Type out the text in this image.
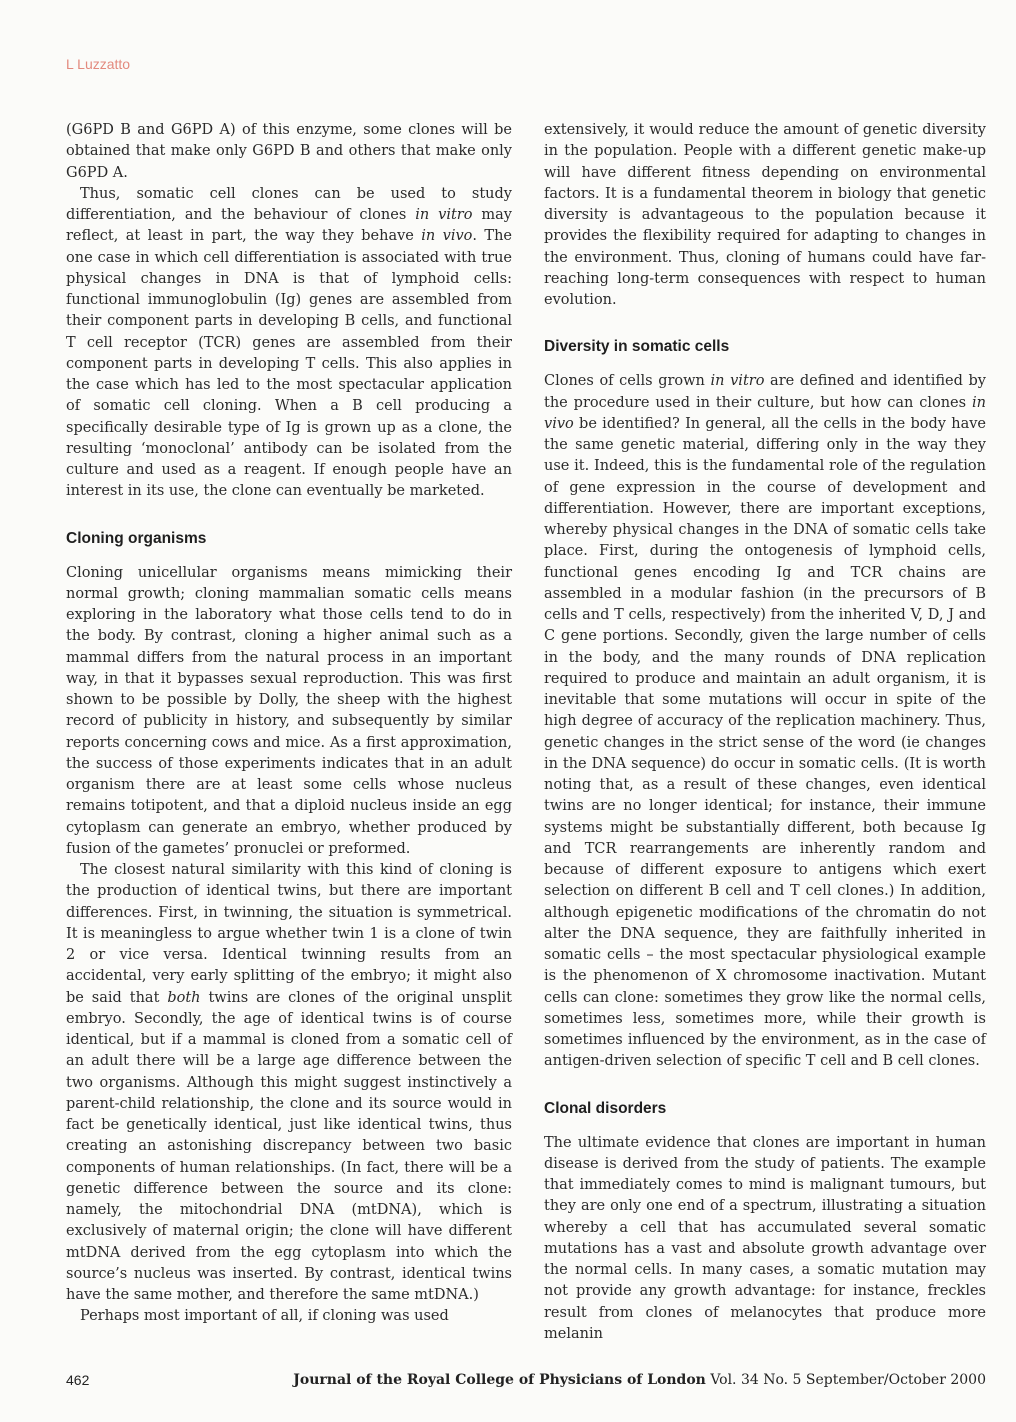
L Luzzatto

(G6PD B and G6PD A) of this enzyme, some clones will be obtained that make only G6PD B and others that make only G6PD A.

Thus, somatic cell clones can be used to study differentiation, and the behaviour of clones in vitro may reflect, at least in part, the way they behave in vivo. The one case in which cell differentiation is associated with true physical changes in DNA is that of lymphoid cells: functional immunoglobulin (Ig) genes are assembled from their component parts in developing B cells, and functional T cell receptor (TCR) genes are assembled from their component parts in developing T cells. This also applies in the case which has led to the most spectacular application of somatic cell cloning. When a B cell producing a specifically desirable type of Ig is grown up as a clone, the resulting ‘monoclonal’ antibody can be isolated from the culture and used as a reagent. If enough people have an interest in its use, the clone can eventually be marketed.

Cloning organisms

Cloning unicellular organisms means mimicking their normal growth; cloning mammalian somatic cells means exploring in the laboratory what those cells tend to do in the body. By contrast, cloning a higher animal such as a mammal differs from the natural process in an important way, in that it bypasses sexual reproduction. This was first shown to be possible by Dolly, the sheep with the highest record of publicity in history, and subsequently by similar reports concerning cows and mice. As a first approximation, the success of those experiments indicates that in an adult organism there are at least some cells whose nucleus remains totipotent, and that a diploid nucleus inside an egg cytoplasm can generate an embryo, whether produced by fusion of the gametes’ pronuclei or preformed.

The closest natural similarity with this kind of cloning is the production of identical twins, but there are important differences. First, in twinning, the situation is symmetrical. It is meaningless to argue whether twin 1 is a clone of twin 2 or vice versa. Identical twinning results from an accidental, very early splitting of the embryo; it might also be said that both twins are clones of the original unsplit embryo. Secondly, the age of identical twins is of course identical, but if a mammal is cloned from a somatic cell of an adult there will be a large age difference between the two organisms. Although this might suggest instinctively a parent-child relationship, the clone and its source would in fact be genetically identical, just like identical twins, thus creating an astonishing discrepancy between two basic components of human relationships. (In fact, there will be a genetic difference between the source and its clone: namely, the mitochondrial DNA (mtDNA), which is exclusively of maternal origin; the clone will have different mtDNA derived from the egg cytoplasm into which the source’s nucleus was inserted. By contrast, identical twins have the same mother, and therefore the same mtDNA.)

Perhaps most important of all, if cloning was used

extensively, it would reduce the amount of genetic diversity in the population. People with a different genetic make-up will have different fitness depending on environmental factors. It is a fundamental theorem in biology that genetic diversity is advantageous to the population because it provides the flexibility required for adapting to changes in the environment. Thus, cloning of humans could have far-reaching long-term consequences with respect to human evolution.

Diversity in somatic cells

Clones of cells grown in vitro are defined and identified by the procedure used in their culture, but how can clones in vivo be identified? In general, all the cells in the body have the same genetic material, differing only in the way they use it. Indeed, this is the fundamental role of the regulation of gene expression in the course of development and differentiation. However, there are important exceptions, whereby physical changes in the DNA of somatic cells take place. First, during the ontogenesis of lymphoid cells, functional genes encoding Ig and TCR chains are assembled in a modular fashion (in the precursors of B cells and T cells, respectively) from the inherited V, D, J and C gene portions. Secondly, given the large number of cells in the body, and the many rounds of DNA replication required to produce and maintain an adult organism, it is inevitable that some mutations will occur in spite of the high degree of accuracy of the replication machinery. Thus, genetic changes in the strict sense of the word (ie changes in the DNA sequence) do occur in somatic cells. (It is worth noting that, as a result of these changes, even identical twins are no longer identical; for instance, their immune systems might be substantially different, both because Ig and TCR rearrangements are inherently random and because of different exposure to antigens which exert selection on different B cell and T cell clones.) In addition, although epigenetic modifications of the chromatin do not alter the DNA sequence, they are faithfully inherited in somatic cells – the most spectacular physiological example is the phenomenon of X chromosome inactivation. Mutant cells can clone: sometimes they grow like the normal cells, sometimes less, sometimes more, while their growth is sometimes influenced by the environment, as in the case of antigen-driven selection of specific T cell and B cell clones.

Clonal disorders

The ultimate evidence that clones are important in human disease is derived from the study of patients. The example that immediately comes to mind is malignant tumours, but they are only one end of a spectrum, illustrating a situation whereby a cell that has accumulated several somatic mutations has a vast and absolute growth advantage over the normal cells. In many cases, a somatic mutation may not provide any growth advantage: for instance, freckles result from clones of melanocytes that produce more melanin

462	Journal of the Royal College of Physicians of London Vol. 34 No. 5 September/October 2000
